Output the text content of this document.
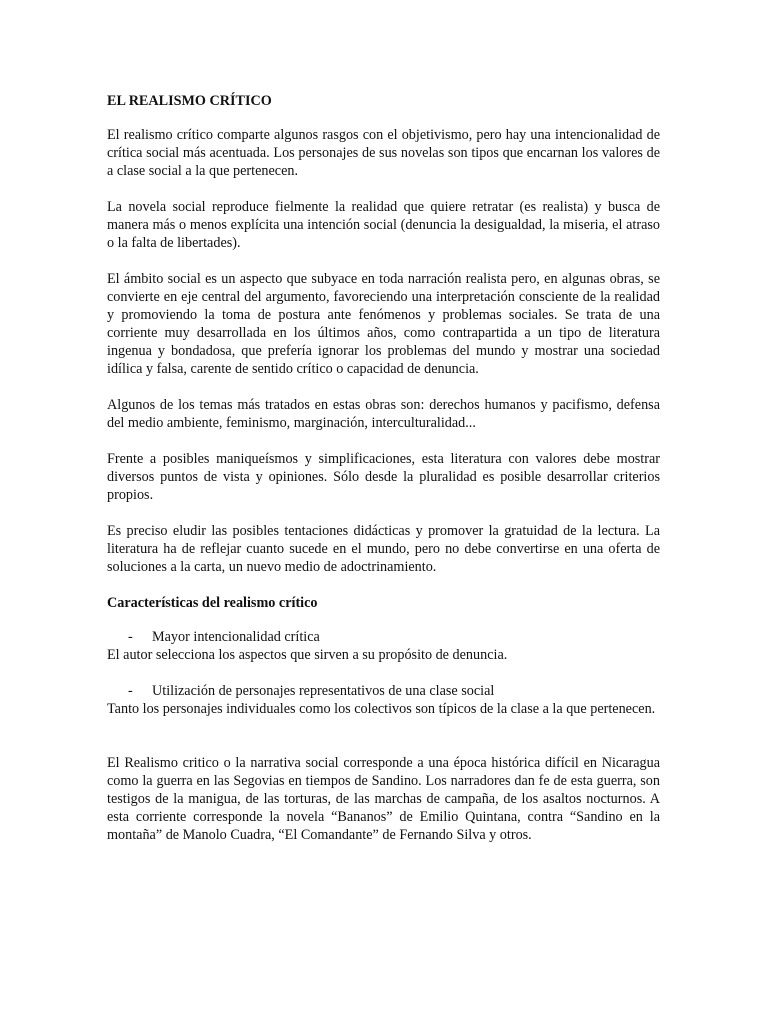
EL REALISMO CRÍTICO

El realismo crítico comparte algunos rasgos con el objetivismo, pero hay una intencionalidad de crítica social más acentuada. Los personajes de sus novelas son tipos que encarnan los valores de a clase social a la que pertenecen.

La novela social reproduce fielmente la realidad que quiere retratar (es realista) y busca de manera más o menos explícita una intención social (denuncia la desigualdad, la miseria, el atraso o la falta de libertades).

El ámbito social es un aspecto que subyace en toda narración realista pero, en algunas obras, se convierte en eje central del argumento, favoreciendo una interpretación consciente de la realidad y promoviendo la toma de postura ante fenómenos y problemas sociales. Se trata de una corriente muy desarrollada en los últimos años, como contrapartida a un tipo de literatura ingenua y bondadosa, que prefería ignorar los problemas del mundo y mostrar una sociedad idílica y falsa, carente de sentido crítico o capacidad de denuncia.

Algunos de los temas más tratados en estas obras son: derechos humanos y pacifismo, defensa del medio ambiente, feminismo, marginación, interculturalidad...

Frente a posibles maniqueísmos y simplificaciones, esta literatura con valores debe mostrar diversos puntos de vista y opiniones. Sólo desde la pluralidad es posible desarrollar criterios propios.

Es preciso eludir las posibles tentaciones didácticas y promover la gratuidad de la lectura. La literatura ha de reflejar cuanto sucede en el mundo, pero no debe convertirse en una oferta de soluciones a la carta, un nuevo medio de adoctrinamiento.

Características del realismo crítico

- Mayor intencionalidad crítica

El autor selecciona los aspectos que sirven a su propósito de denuncia.

- Utilización de personajes representativos de una clase social

Tanto los personajes individuales como los colectivos son típicos de la clase a la que pertenecen.

El Realismo critico o la narrativa social corresponde a una época histórica difícil en Nicaragua como la guerra en las Segovias en tiempos de Sandino. Los narradores dan fe de esta guerra, son testigos de la manigua, de las torturas, de las marchas de campaña, de los asaltos nocturnos. A esta corriente corresponde la novela “Bananos” de Emilio Quintana, contra “Sandino en la montaña” de Manolo Cuadra, “El Comandante” de Fernando Silva y otros.
